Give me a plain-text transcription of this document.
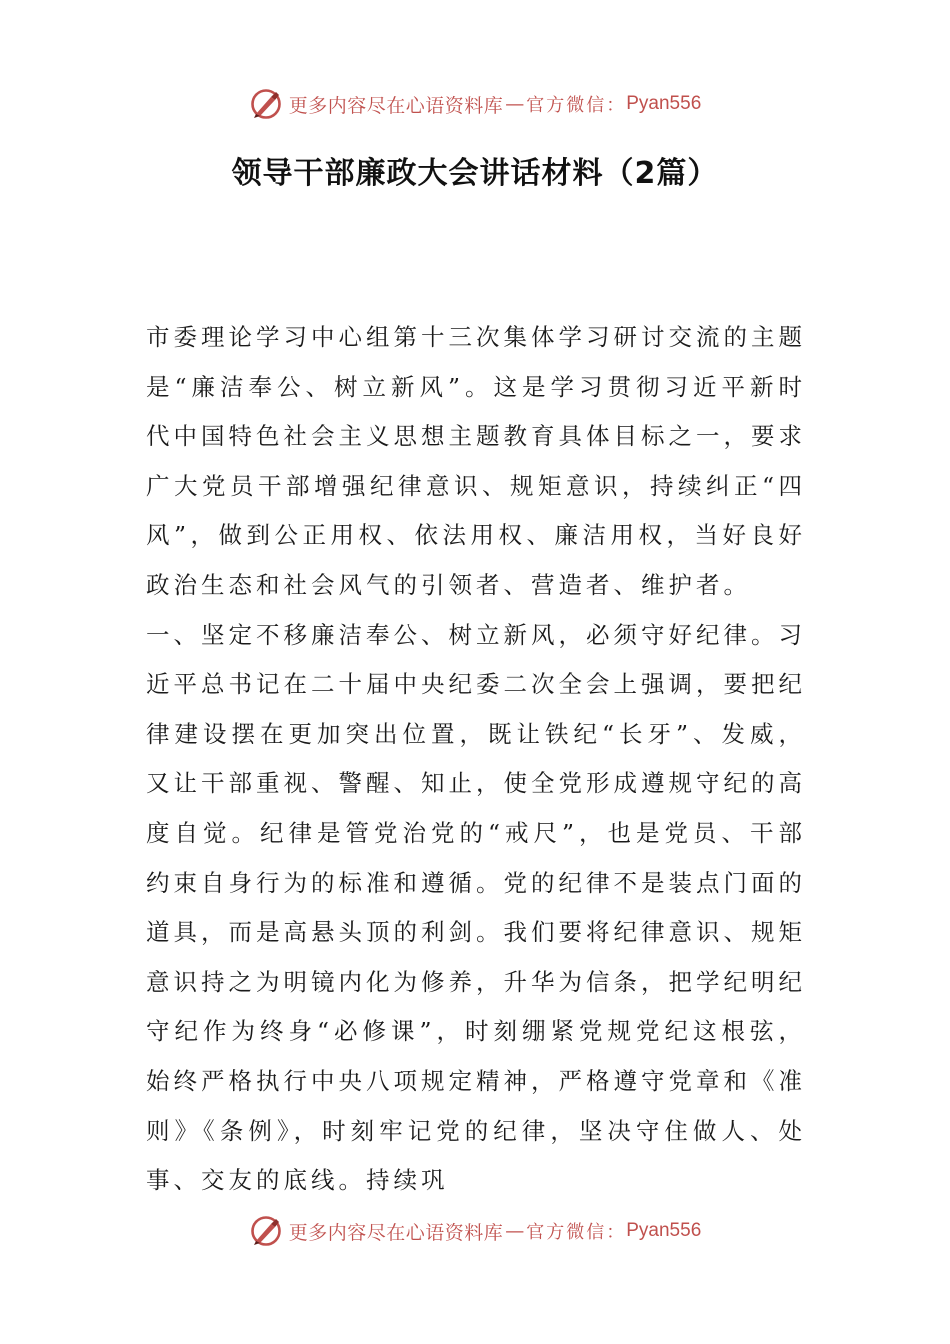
更多内容尽在心语资料库 — 官方微信： Pyan556
领导干部廉政大会讲话材料（2篇）

市委理论学习中心组第十三次集体学习研讨交流的主题是“廉洁奉公、树立新风”。这是学习贯彻习近平新时代中国特色社会主义思想主题教育具体目标之一，要求广大党员干部增强纪律意识、规矩意识，持续纠正“四风”，做到公正用权、依法用权、廉洁用权，当好良好政治生态和社会风气的引领者、营造者、维护者。

一、坚定不移廉洁奉公、树立新风，必须守好纪律。习近平总书记在二十届中央纪委二次全会上强调，要把纪律建设摆在更加突出位置，既让铁纪“长牙”、发威，又让干部重视、警醒、知止，使全党形成遵规守纪的高度自觉。纪律是管党治党的“戒尺”，也是党员、干部约束自身行为的标准和遵循。党的纪律不是装点门面的道具，而是高悬头顶的利剑。我们要将纪律意识、规矩意识持之为明镜内化为修养，升华为信条，把学纪明纪守纪作为终身“必修课”，时刻绷紧党规党纪这根弦，始终严格执行中央八项规定精神，严格遵守党章和《准则》《条例》，时刻牢记党的纪律，坚决守住做人、处事、交友的底线。持续巩

更多内容尽在心语资料库 — 官方微信： Pyan556
